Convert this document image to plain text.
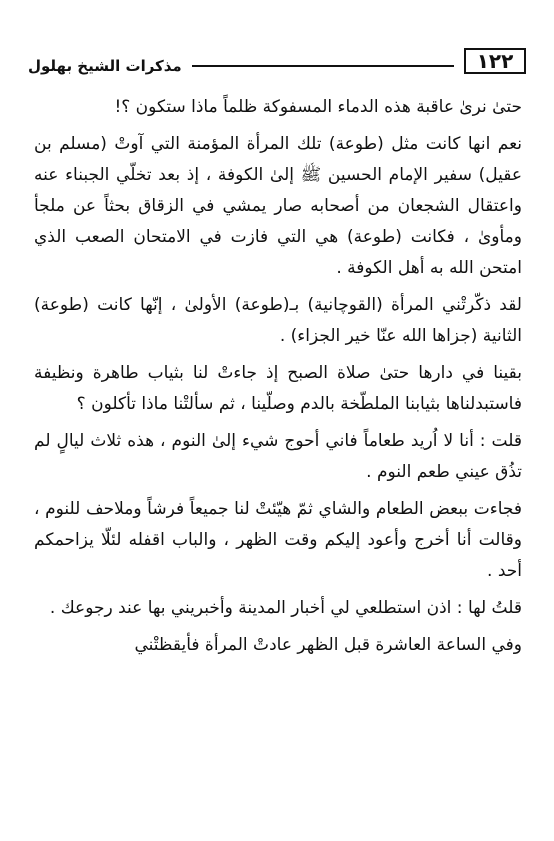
١٢٢
مذكرات الشيخ بهلول

حتىٰ نرىٰ عاقبة هذه الدماء المسفوكة ظلماً ماذا ستكون ؟!

نعم انها كانت مثل (طوعة) تلك المرأة المؤمنة التي آوتْ (مسلم بن عقيل) سفير الإمام الحسين ﷺ إلىٰ الكوفة ، إذ بعد تخلّي الجبناء عنه واعتقال الشجعان من أصحابه صار يمشي في الزقاق بحثاً عن ملجأ ومأوىٰ ، فكانت (طوعة) هي التي فازت في الامتحان الصعب الذي امتحن الله به أهل الكوفة .

لقد ذكّرتْني المرأة (القوچانية) بـ(طوعة) الأولىٰ ، إنّها كانت (طوعة) الثانية (جزاها الله عنّا خير الجزاء) .

بقينا في دارها حتىٰ صلاة الصبح إذ جاءتْ لنا بثياب طاهرة ونظيفة فاستبدلناها بثيابنا الملطّخة بالدم وصلّينا ، ثم سألتْنا ماذا تأكلون ؟

قلت : أنا لا اُريد طعاماً فاني أحوج شيء إلىٰ النوم ، هذه ثلاث ليالٍ لم تذُق عيني طعم النوم .

فجاءت ببعض الطعام والشاي ثمّ هيّئتْ لنا جميعاً فرشاً وملاحف للنوم ، وقالت أنا أخرج وأعود إليكم وقت الظهر ، والباب اقفله لئلّا يزاحمكم أحد .

قلتُ لها : اذن استطلعي لي أخبار المدينة وأخبريني بها عند رجوعك .

وفي الساعة العاشرة قبل الظهر عادتْ المرأة فأيقظتْني
